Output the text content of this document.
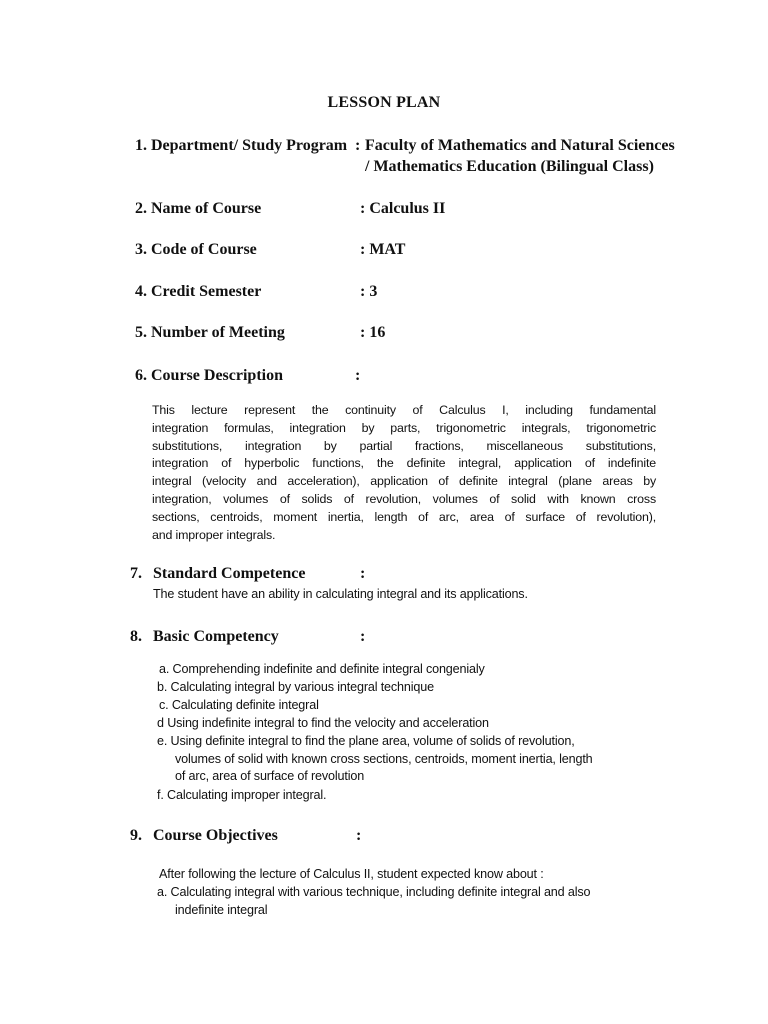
LESSON PLAN
1. Department/ Study Program : Faculty of Mathematics and Natural Sciences
/ Mathematics Education (Bilingual Class)
2. Name of Course	: Calculus II
3. Code of Course	: MAT
4. Credit Semester	: 3
5. Number of Meeting	: 16
6. Course Description	:
This lecture represent the continuity of Calculus I, including fundamental
integration formulas, integration by parts, trigonometric integrals, trigonometric
substitutions, integration by partial fractions, miscellaneous substitutions,
integration of hyperbolic functions, the definite integral, application of indefinite
integral (velocity and acceleration), application of definite integral (plane areas by
integration, volumes of solids of revolution, volumes of solid with known cross
sections, centroids, moment inertia, length of arc, area of surface of revolution),
and improper integrals.
7. Standard Competence	:
The student have an ability in calculating integral and its applications.
8. Basic Competency	:
a. Comprehending indefinite and definite integral congenialy
b. Calculating integral by various integral technique
c. Calculating definite integral
d Using indefinite integral to find the velocity and acceleration
e. Using definite integral to find the plane area, volume of solids of revolution,
volumes of solid with known cross sections, centroids, moment inertia, length
of arc, area of surface of revolution
f. Calculating improper integral.
9. Course Objectives	:
After following the lecture of Calculus II, student expected know about :
a. Calculating integral with various technique, including definite integral and also
indefinite integral
